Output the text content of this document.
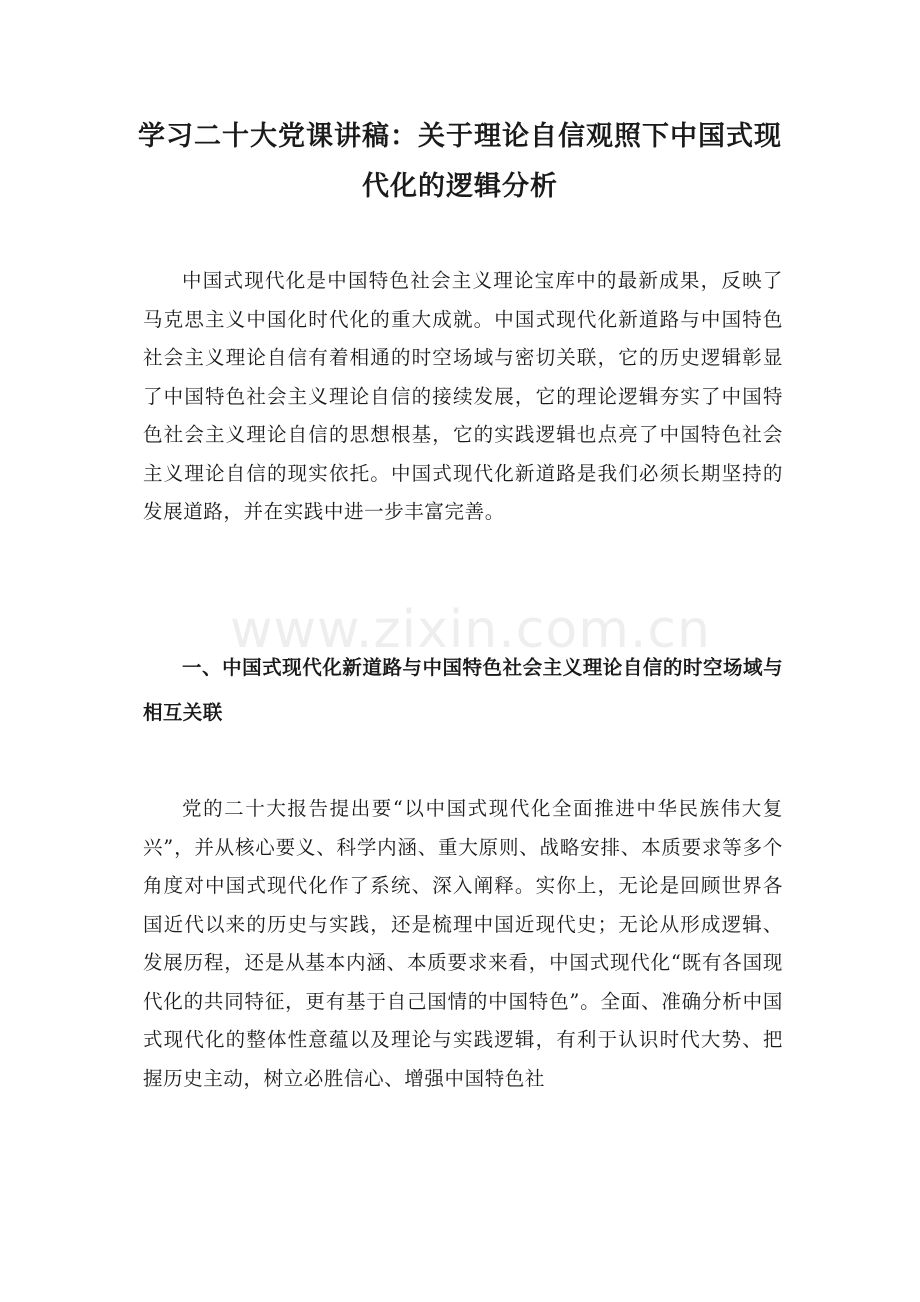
学习二十大党课讲稿：关于理论自信观照下中国式现代化的逻辑分析

中国式现代化是中国特色社会主义理论宝库中的最新成果，反映了马克思主义中国化时代化的重大成就。中国式现代化新道路与中国特色社会主义理论自信有着相通的时空场域与密切关联，它的历史逻辑彰显了中国特色社会主义理论自信的接续发展，它的理论逻辑夯实了中国特色社会主义理论自信的思想根基，它的实践逻辑也点亮了中国特色社会主义理论自信的现实依托。中国式现代化新道路是我们必须长期坚持的发展道路，并在实践中进一步丰富完善。

一、中国式现代化新道路与中国特色社会主义理论自信的时空场域与相互关联

党的二十大报告提出要“以中国式现代化全面推进中华民族伟大复兴”，并从核心要义、科学内涵、重大原则、战略安排、本质要求等多个角度对中国式现代化作了系统、深入阐释。实你上，无论是回顾世界各国近代以来的历史与实践，还是梳理中国近现代史；无论从形成逻辑、发展历程，还是从基本内涵、本质要求来看，中国式现代化“既有各国现代化的共同特征，更有基于自己国情的中国特色”。全面、准确分析中国式现代化的整体性意蕴以及理论与实践逻辑，有利于认识时代大势、把握历史主动，树立必胜信心、增强中国特色社

www.zixin.com.cn
